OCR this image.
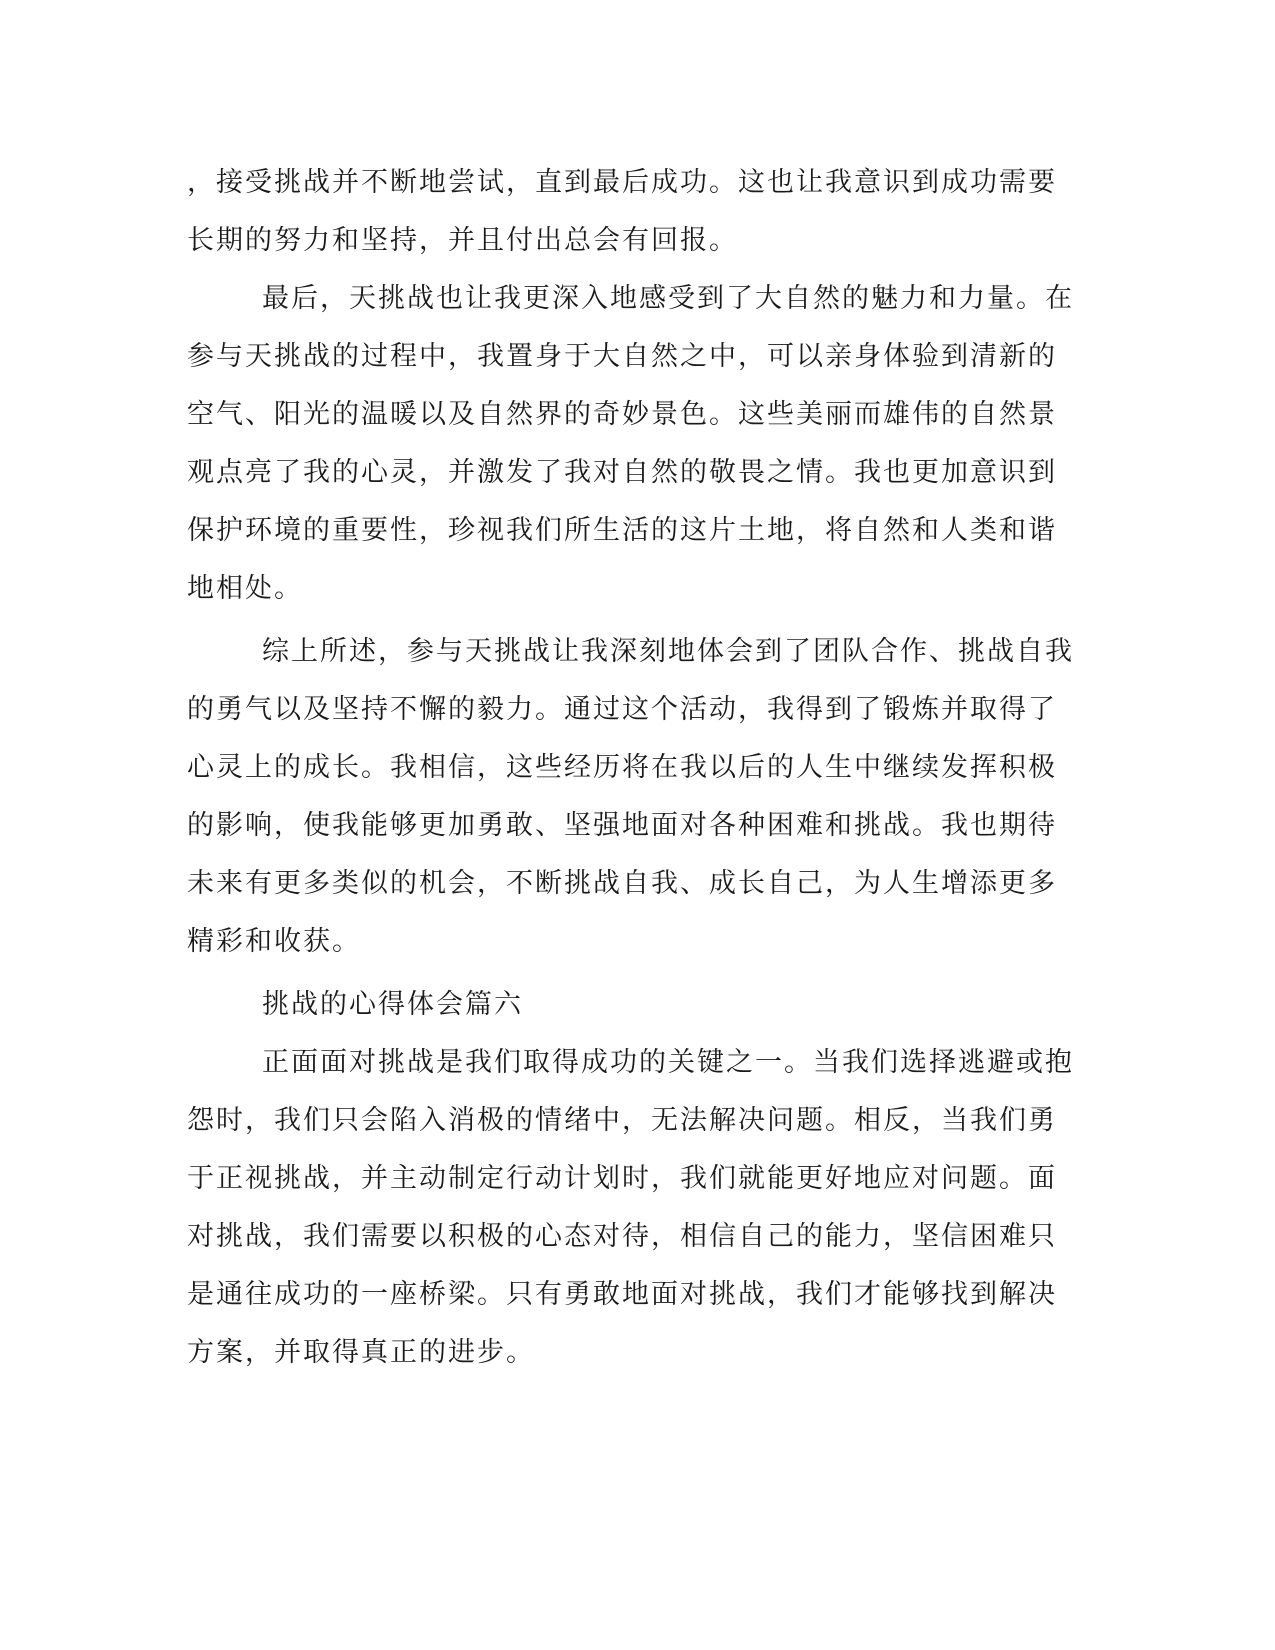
，接受挑战并不断地尝试，直到最后成功。这也让我意识到成功需要
长期的努力和坚持，并且付出总会有回报。
最后，天挑战也让我更深入地感受到了大自然的魅力和力量。在
参与天挑战的过程中，我置身于大自然之中，可以亲身体验到清新的
空气、阳光的温暖以及自然界的奇妙景色。这些美丽而雄伟的自然景
观点亮了我的心灵，并激发了我对自然的敬畏之情。我也更加意识到
保护环境的重要性，珍视我们所生活的这片土地，将自然和人类和谐
地相处。
综上所述，参与天挑战让我深刻地体会到了团队合作、挑战自我
的勇气以及坚持不懈的毅力。通过这个活动，我得到了锻炼并取得了
心灵上的成长。我相信，这些经历将在我以后的人生中继续发挥积极
的影响，使我能够更加勇敢、坚强地面对各种困难和挑战。我也期待
未来有更多类似的机会，不断挑战自我、成长自己，为人生增添更多
精彩和收获。
挑战的心得体会篇六
正面面对挑战是我们取得成功的关键之一。当我们选择逃避或抱
怨时，我们只会陷入消极的情绪中，无法解决问题。相反，当我们勇
于正视挑战，并主动制定行动计划时，我们就能更好地应对问题。面
对挑战，我们需要以积极的心态对待，相信自己的能力，坚信困难只
是通往成功的一座桥梁。只有勇敢地面对挑战，我们才能够找到解决
方案，并取得真正的进步。
